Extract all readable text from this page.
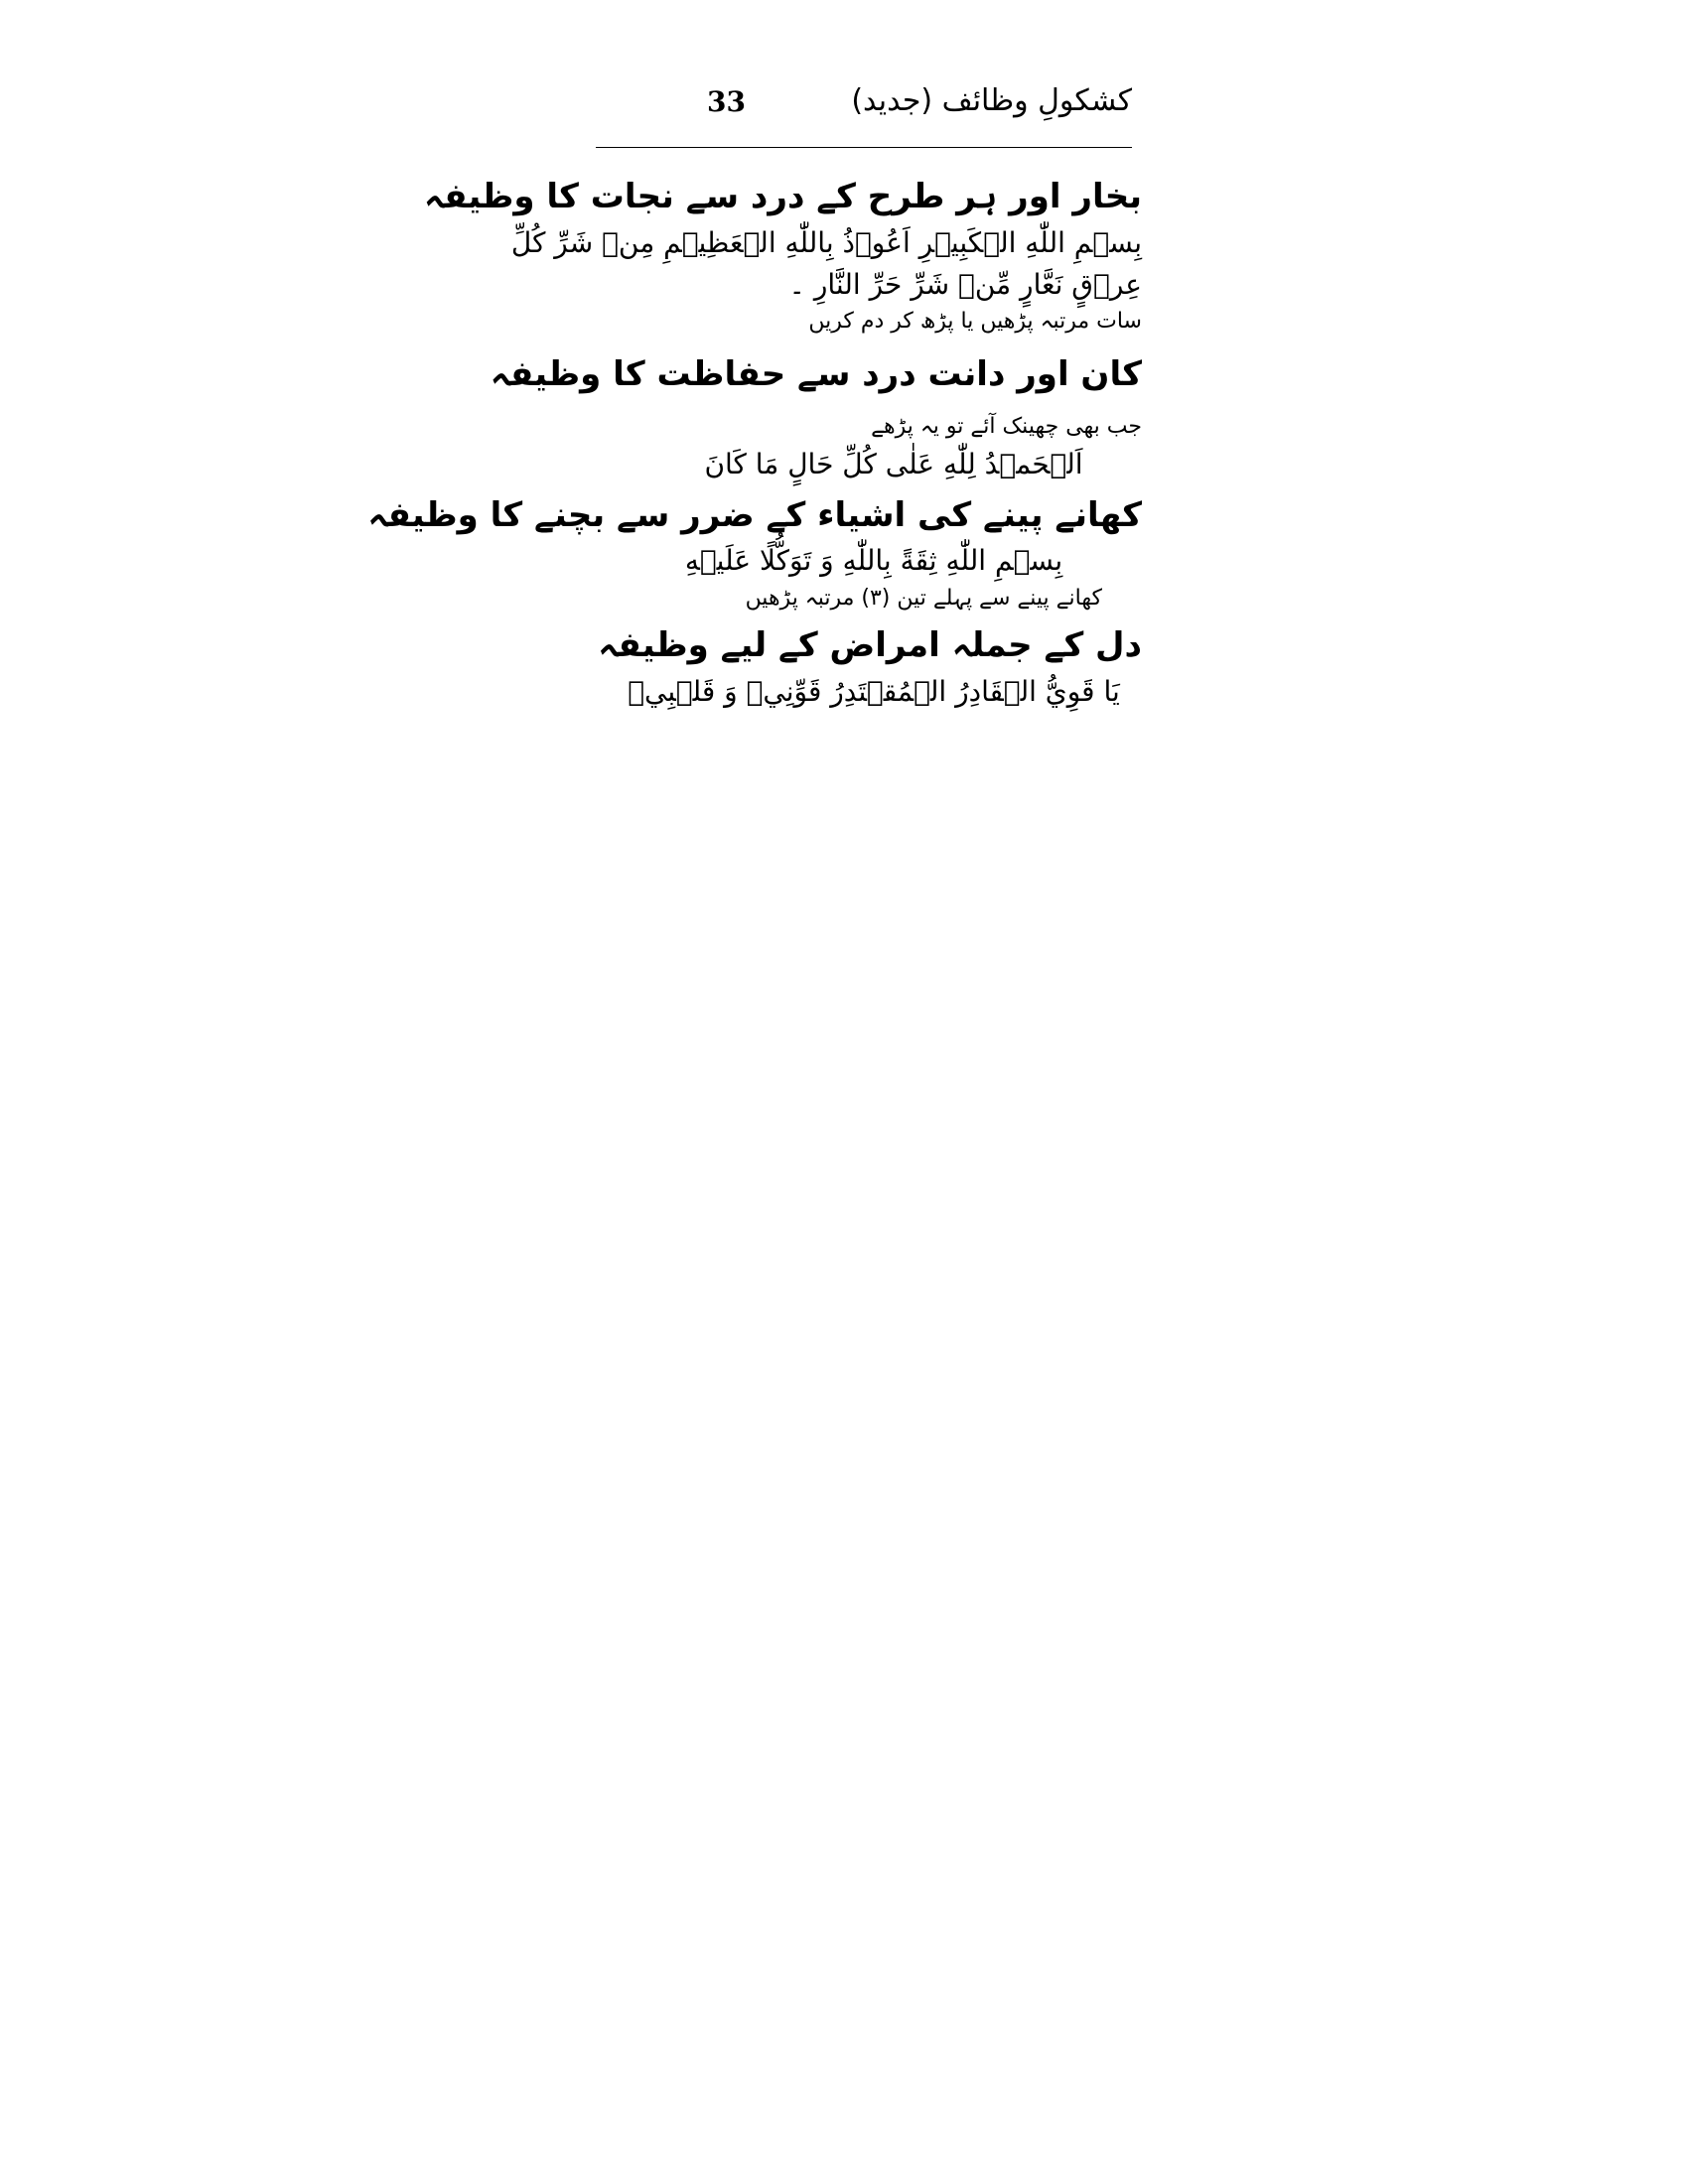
کشکولِ وظائف (جدید)
33
بخار اور ہر طرح کے درد سے نجات کا وظیفہ
بِسۡمِ اللّٰهِ الۡكَبِيۡرِ اَعُوۡذُ بِاللّٰهِ الۡعَظِيۡمِ مِنۡ شَرِّ كُلِّ
عِرۡقٍ نَعَّارٍ مِّنۡ شَرِّ حَرِّ النَّارِ ۔
سات مرتبہ پڑھیں یا پڑھ کر دم کریں
کان اور دانت درد سے حفاظت کا وظیفہ
جب بھی چھینک آئے تو یہ پڑھے
اَلۡحَمۡدُ لِلّٰهِ عَلٰى كُلِّ حَالٍ مَا كَانَ
کھانے پینے کی اشیاء کے ضرر سے بچنے کا وظیفہ
بِسۡمِ اللّٰهِ ثِقَةً بِاللّٰهِ وَ تَوَكُّلًا عَلَيۡهِ
کھانے پینے سے پہلے تین (۳) مرتبہ پڑھیں
دل کے جملہ امراض کے لیے وظیفہ
يَا قَوِيُّ الۡقَادِرُ الۡمُقۡتَدِرُ قَوِّنِيۡ وَ قَلۡبِيۡ
